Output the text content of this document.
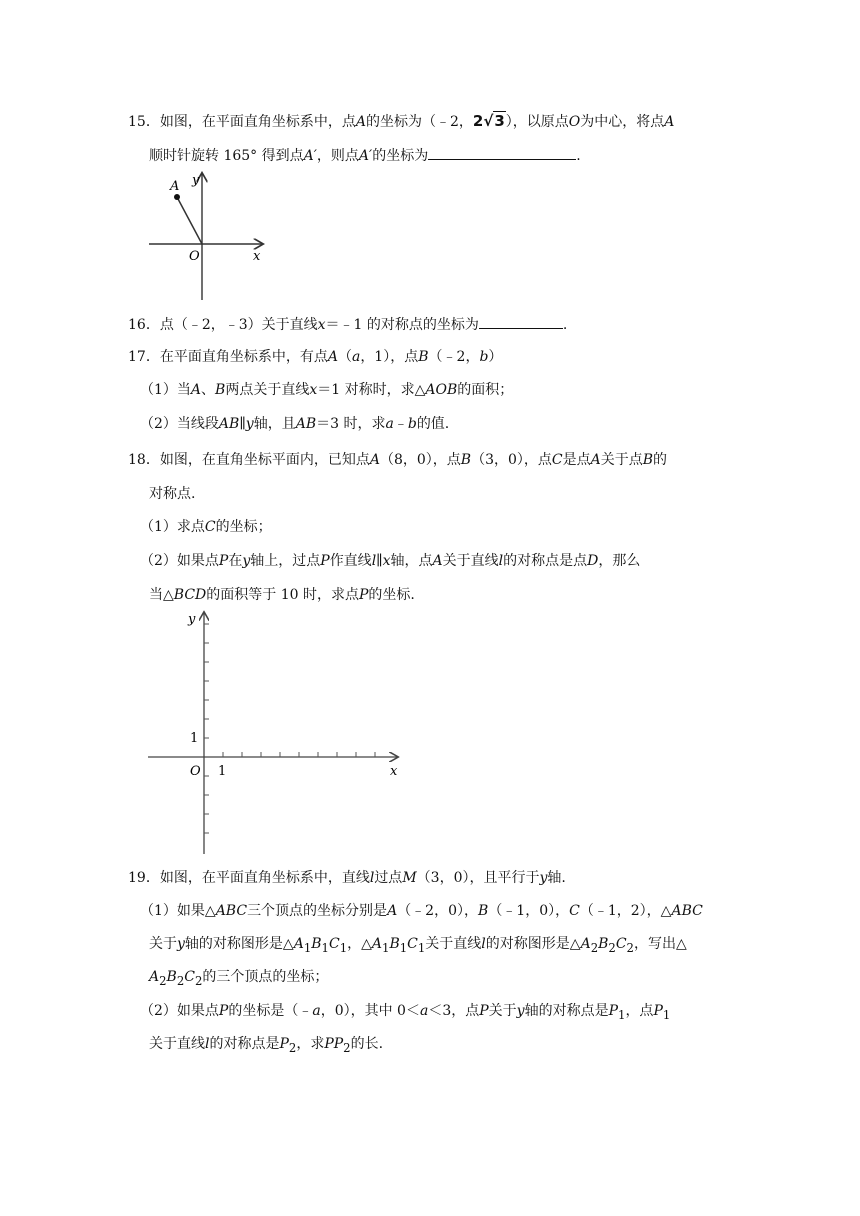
15．如图，在平面直角坐标系中，点A的坐标为（﹣2，2√3），以原点O为中心，将点A
顺时针旋转 165° 得到点A′，则点A′的坐标为	.
A y
O	x
16．点（﹣2，﹣3）关于直线x＝﹣1 的对称点的坐标为	.
17．在平面直角坐标系中，有点A（a，1），点B（﹣2，b）
（1）当A、B两点关于直线x＝1 对称时，求△AOB的面积；
（2）当线段AB∥y轴，且AB＝3 时，求a﹣b的值.
18．如图，在直角坐标平面内，已知点A（8，0），点B（3，0），点C是点A关于点B的
对称点.
（1）求点C的坐标；
（2）如果点P在y轴上，过点P作直线l∥x轴，点A关于直线l的对称点是点D，那么
当△BCD的面积等于 10 时，求点P的坐标.
y
x
O 1
1
19．如图，在平面直角坐标系中，直线l过点M（3，0），且平行于y轴.
（1）如果△ABC三个顶点的坐标分别是A（﹣2，0），B（﹣1，0），C（﹣1，2），△ABC
关于y轴的对称图形是$\triangle A_1B_1C_1$，$\triangle A_1B_1C_1$关于直线l的对称图形是$\triangle A_2B_2C_2$，写出△
$A_2B_2C_2$的三个顶点的坐标；
（2）如果点P的坐标是（﹣a，0），其中 0＜a＜3，点P关于y轴的对称点是$P_1$，点$P_1$
关于直线l的对称点是$P_2$，求$PP_2$的长.
